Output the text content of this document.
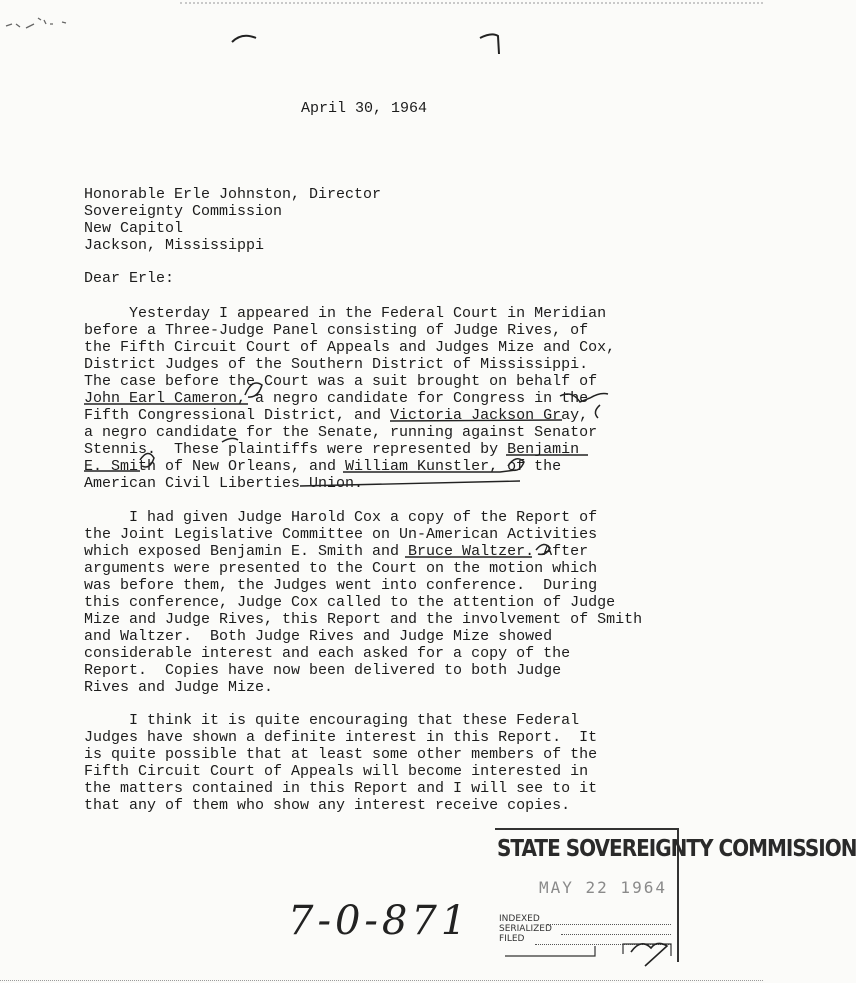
April 30, 1964
Honorable Erle Johnston, Director
Sovereignty Commission
New Capitol
Jackson, Mississippi
Dear Erle:
Yesterday I appeared in the Federal Court in Meridian
before a Three-Judge Panel consisting of Judge Rives, of
the Fifth Circuit Court of Appeals and Judges Mize and Cox,
District Judges of the Southern District of Mississippi.
The case before the Court was a suit brought on behalf of
John Earl Cameron, a negro candidate for Congress in the
Fifth Congressional District, and Victoria Jackson Gray,
a negro candidate for the Senate, running against Senator
Stennis.  These plaintiffs were represented by Benjamin
E. Smith of New Orleans, and William Kunstler, of the
American Civil Liberties Union.
I had given Judge Harold Cox a copy of the Report of
the Joint Legislative Committee on Un-American Activities
which exposed Benjamin E. Smith and Bruce Waltzer. After
arguments were presented to the Court on the motion which
was before them, the Judges went into conference.  During
this conference, Judge Cox called to the attention of Judge
Mize and Judge Rives, this Report and the involvement of Smith
and Waltzer.  Both Judge Rives and Judge Mize showed
considerable interest and each asked for a copy of the
Report.  Copies have now been delivered to both Judge
Rives and Judge Mize.
I think it is quite encouraging that these Federal
Judges have shown a definite interest in this Report.  It
is quite possible that at least some other members of the
Fifth Circuit Court of Appeals will become interested in
the matters contained in this Report and I will see to it
that any of them who show any interest receive copies.
7-0-871
STATE SOVEREIGNTY COMMISSION
MAY 22 1964
INDEXED
SERIALIZED
FILED
